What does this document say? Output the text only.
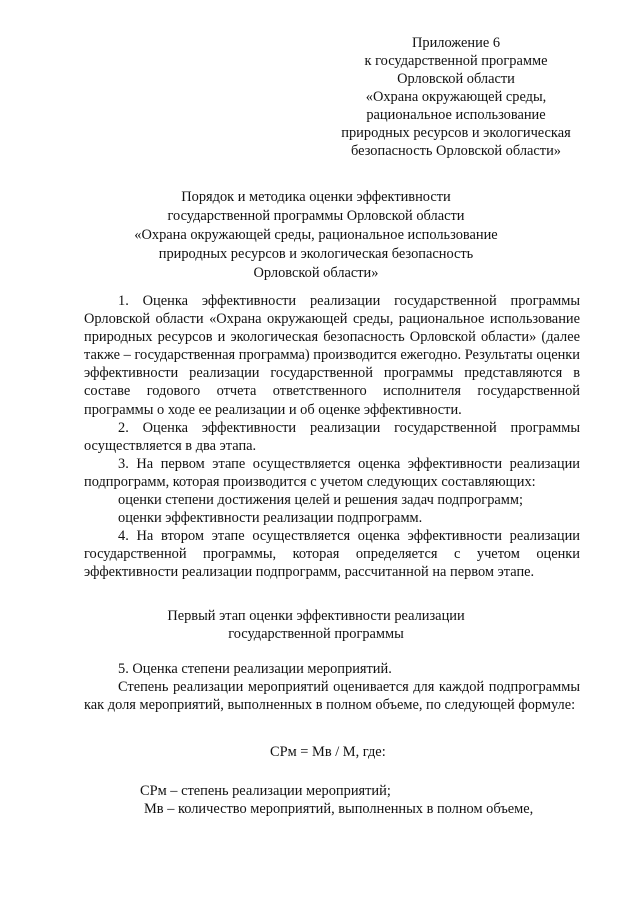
Приложение 6
к государственной программе
Орловской области
«Охрана окружающей среды,
рациональное использование
природных ресурсов и экологическая
безопасность Орловской области»
Порядок и методика оценки эффективности
государственной программы Орловской области
«Охрана окружающей среды, рациональное использование
природных ресурсов и экологическая безопасность
Орловской области»

1. Оценка эффективности реализации государственной программы Орловской области «Охрана окружающей среды, рациональное использование природных ресурсов и экологическая безопасность Орловской области» (далее также – государственная программа) производится ежегодно. Результаты оценки эффективности реализации государственной программы представляются в составе годового отчета ответственного исполнителя государственной программы о ходе ее реализации и об оценке эффективности.

2. Оценка эффективности реализации государственной программы осуществляется в два этапа.

3. На первом этапе осуществляется оценка эффективности реализации подпрограмм, которая производится с учетом следующих составляющих:

оценки степени достижения целей и решения задач подпрограмм;

оценки эффективности реализации подпрограмм.

4. На втором этапе осуществляется оценка эффективности реализации государственной программы, которая определяется с учетом оценки эффективности реализации подпрограмм, рассчитанной на первом этапе.

Первый этап оценки эффективности реализации
государственной программы

5. Оценка степени реализации мероприятий.

Степень реализации мероприятий оценивается для каждой подпрограммы как доля мероприятий, выполненных в полном объеме, по следующей формуле:

СРм = Мв / М, где:
СРм – степень реализации мероприятий;
Мв – количество мероприятий, выполненных в полном объеме,
